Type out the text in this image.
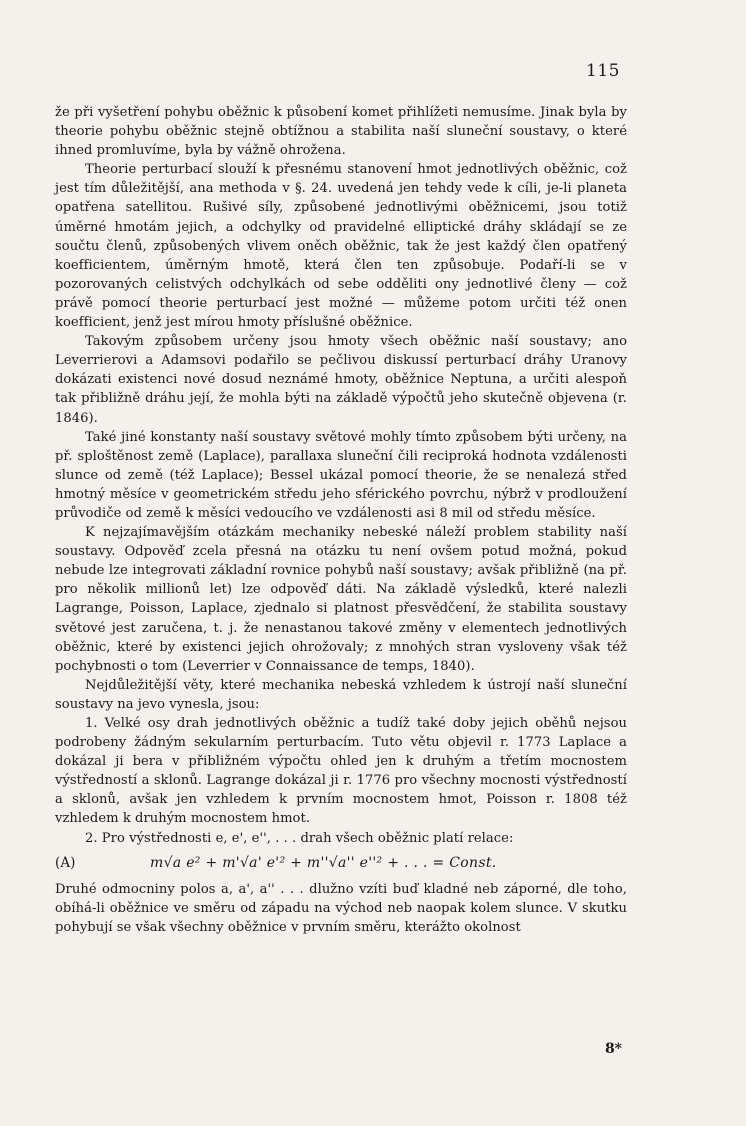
115

že při vyšetření pohybu oběžnic k působení komet přihlížeti nemusíme. Jinak byla by theorie pohybu oběžnic stejně obtížnou a stabilita naší sluneční soustavy, o které ihned promluvíme, byla by vážně ohrožena.

Theorie perturbací slouží k přesnému stanovení hmot jednotlivých oběžnic, což jest tím důležitější, ana methoda v §. 24. uvedená jen tehdy vede k cíli, je-li planeta opatřena satellitou. Rušivé síly, způsobené jednotlivými oběžnicemi, jsou totiž úměrné hmotám jejich, a odchylky od pravidelné elliptické dráhy skládají se ze součtu členů, způsobených vlivem oněch oběžnic, tak že jest každý člen opatřený koefficientem, úměrným hmotě, která člen ten způsobuje. Podaří-li se v pozorovaných celistvých odchylkách od sebe odděliti ony jednotlivé členy — což právě pomocí theorie perturbací jest možné — můžeme potom určiti též onen koefficient, jenž jest mírou hmoty příslušné oběžnice.

Takovým způsobem určeny jsou hmoty všech oběžnic naší soustavy; ano Leverrierovi a Adamsovi podařilo se pečlivou diskussí perturbací dráhy Uranovy dokázati existenci nové dosud neznámé hmoty, oběžnice Neptuna, a určiti alespoň tak přibližně dráhu její, že mohla býti na základě výpočtů jeho skutečně objevena (r. 1846).

Také jiné konstanty naší soustavy světové mohly tímto způsobem býti určeny, na př. sploštěnost země (Laplace), parallaxa sluneční čili reciproká hodnota vzdálenosti slunce od země (též Laplace); Bessel ukázal pomocí theorie, že se nenalezá střed hmotný měsíce v geometrickém středu jeho sférického povrchu, nýbrž v prodloužení průvodiče od země k měsíci vedoucího ve vzdálenosti asi 8 mil od středu měsíce.

K nejzajímavějším otázkám mechaniky nebeské náleží problem stability naší soustavy. Odpověď zcela přesná na otázku tu není ovšem potud možná, pokud nebude lze integrovati základní rovnice pohybů naší soustavy; avšak přibližně (na př. pro několik millionů let) lze odpověď dáti. Na základě výsledků, které nalezli Lagrange, Poisson, Laplace, zjednalo si platnost přesvědčení, že stabilita soustavy světové jest zaručena, t. j. že nenastanou takové změny v elementech jednotlivých oběžnic, které by existenci jejich ohrožovaly; z mnohých stran vysloveny však též pochybnosti o tom (Leverrier v Connaissance de temps, 1840).

Nejdůležitější věty, které mechanika nebeská vzhledem k ústrojí naší sluneční soustavy na jevo vynesla, jsou:

1. Velké osy drah jednotlivých oběžnic a tudíž také doby jejich oběhů nejsou podrobeny žádným sekularním perturbacím. Tuto větu objevil r. 1773 Laplace a dokázal ji bera v přibližném výpočtu ohled jen k druhým a třetím mocnostem výstředností a sklonů. Lagrange dokázal ji r. 1776 pro všechny mocnosti výstředností a sklonů, avšak jen vzhledem k prvním mocnostem hmot, Poisson r. 1808 též vzhledem k druhým mocnostem hmot.

2. Pro výstřednosti e, e', e'', . . . drah všech oběžnic platí relace:

(A)	m√a e² + m'√a' e'² + m''√a'' e''² + . . . = Const.

Druhé odmocniny polos a, a', a'' . . . dlužno vzíti buď kladné neb záporné, dle toho, obíhá-li oběžnice ve směru od západu na východ neb naopak kolem slunce. V skutku pohybují se však všechny oběžnice v prvním směru, kterážto okolnost

8*
